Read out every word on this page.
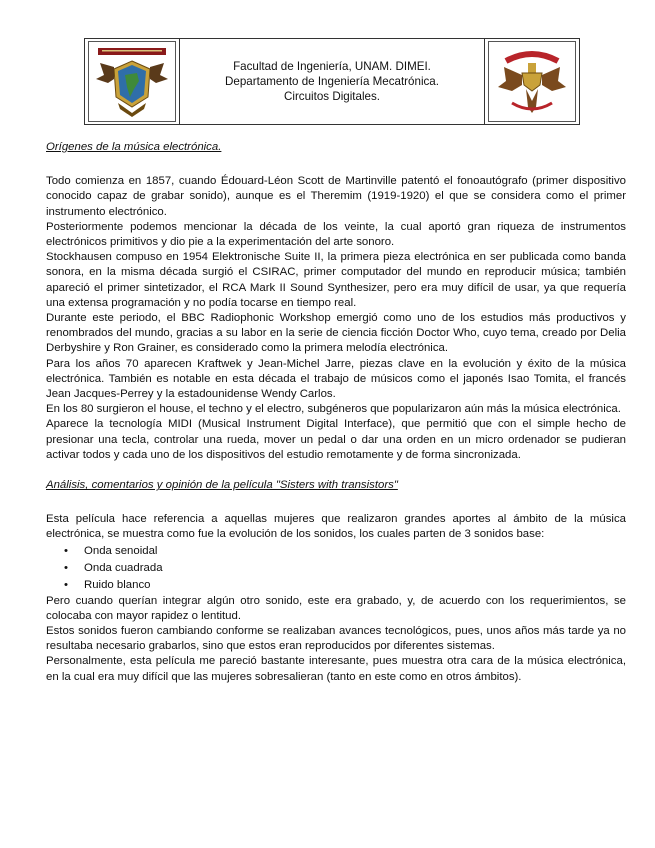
Facultad de Ingeniería, UNAM. DIMEI.
Departamento de Ingeniería Mecatrónica.
Circuitos Digitales.
Orígenes de la música electrónica.

Todo comienza en 1857, cuando Édouard-Léon Scott de Martinville patentó el fonoautógrafo (primer dispositivo conocido capaz de grabar sonido), aunque es el Theremim (1919-1920) el que se considera como el primer instrumento electrónico.

Posteriormente podemos mencionar la década de los veinte, la cual aportó gran riqueza de instrumentos electrónicos primitivos y dio pie a la experimentación del arte sonoro.

Stockhausen compuso en 1954 Elektronische Suite II, la primera pieza electrónica en ser publicada como banda sonora, en la misma década surgió el CSIRAC, primer computador del mundo en reproducir música; también apareció el primer sintetizador, el RCA Mark II Sound Synthesizer, pero era muy difícil de usar, ya que requería una extensa programación y no podía tocarse en tiempo real.

Durante este periodo, el BBC Radiophonic Workshop emergió como uno de los estudios más productivos y renombrados del mundo, gracias a su labor en la serie de ciencia ficción Doctor Who, cuyo tema, creado por Delia Derbyshire y Ron Grainer, es considerado como la primera melodía electrónica.

Para los años 70 aparecen Kraftwek y Jean-Michel Jarre, piezas clave en la evolución y éxito de la música electrónica. También es notable en esta década el trabajo de músicos como el japonés Isao Tomita, el francés Jean Jacques-Perrey y la estadounidense Wendy Carlos.

En los 80 surgieron el house, el techno y el electro, subgéneros que popularizaron aún más la música electrónica.

Aparece la tecnología MIDI (Musical Instrument Digital Interface), que permitió que con el simple hecho de presionar una tecla, controlar una rueda, mover un pedal o dar una orden en un micro ordenador se pudieran activar todos y cada uno de los dispositivos del estudio remotamente y de forma sincronizada.

Análisis, comentarios y opinión de la película "Sisters with transistors"

Esta película hace referencia a aquellas mujeres que realizaron grandes aportes al ámbito de la música electrónica, se muestra como fue la evolución de los sonidos, los cuales parten de 3 sonidos base:

• Onda senoidal
• Onda cuadrada
• Ruido blanco

Pero cuando querían integrar algún otro sonido, este era grabado, y, de acuerdo con los requerimientos, se colocaba con mayor rapidez o lentitud.

Estos sonidos fueron cambiando conforme se realizaban avances tecnológicos, pues, unos años más tarde ya no resultaba necesario grabarlos, sino que estos eran reproducidos por diferentes sistemas.

Personalmente, esta película me pareció bastante interesante, pues muestra otra cara de la música electrónica, en la cual era muy difícil que las mujeres sobresalieran (tanto en este como en otros ámbitos).
